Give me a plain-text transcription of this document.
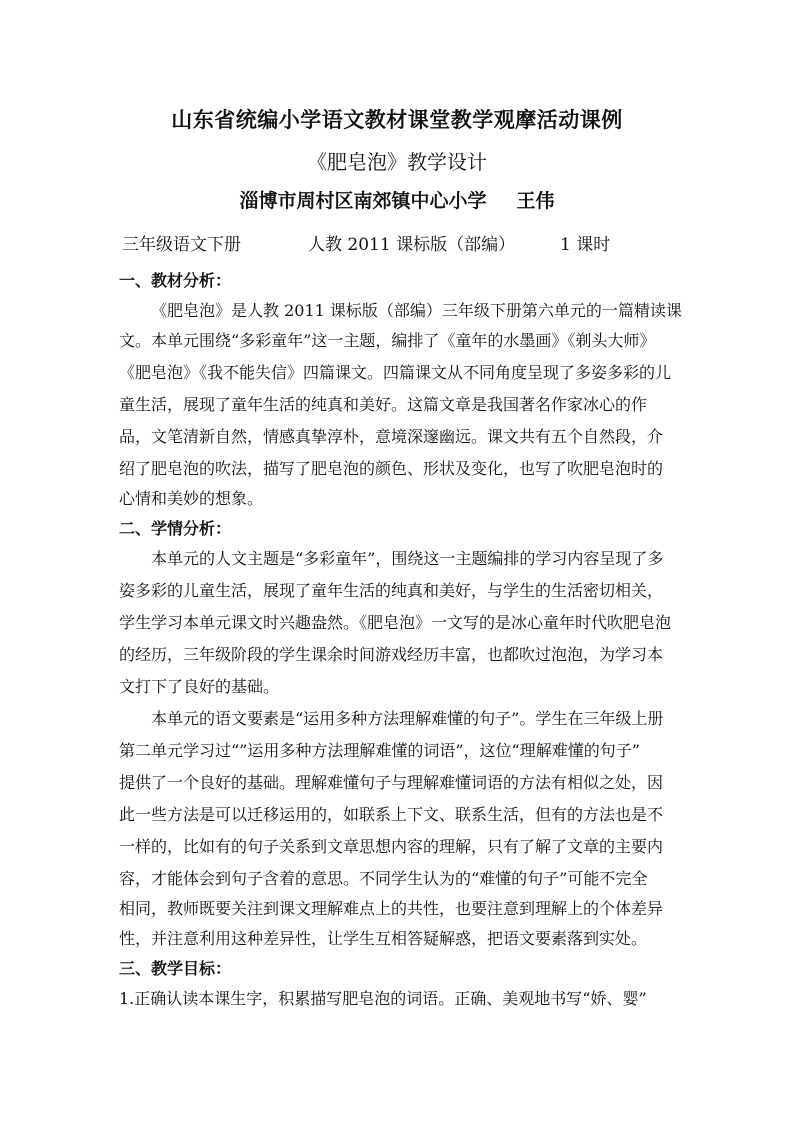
山东省统编小学语文教材课堂教学观摩活动课例
《肥皂泡》教学设计
淄博市周村区南郊镇中心小学 王伟
三年级语文下册	人教 2011 课标版（部编）	1 课时
一、教材分析：
《肥皂泡》是人教 2011 课标版（部编）三年级下册第六单元的一篇精读课
文。本单元围绕“多彩童年”这一主题，编排了《童年的水墨画》《剃头大师》
《肥皂泡》《我不能失信》四篇课文。四篇课文从不同角度呈现了多姿多彩的儿
童生活，展现了童年生活的纯真和美好。这篇文章是我国著名作家冰心的作
品，文笔清新自然，情感真挚淳朴，意境深邃幽远。课文共有五个自然段，介
绍了肥皂泡的吹法，描写了肥皂泡的颜色、形状及变化，也写了吹肥皂泡时的
心情和美妙的想象。
二、学情分析：
本单元的人文主题是“多彩童年”，围绕这一主题编排的学习内容呈现了多
姿多彩的儿童生活，展现了童年生活的纯真和美好，与学生的生活密切相关，
学生学习本单元课文时兴趣盎然。《肥皂泡》一文写的是冰心童年时代吹肥皂泡
的经历，三年级阶段的学生课余时间游戏经历丰富，也都吹过泡泡，为学习本
文打下了良好的基础。
本单元的语文要素是“运用多种方法理解难懂的句子”。学生在三年级上册
第二单元学习过“”运用多种方法理解难懂的词语”，这位“理解难懂的句子”
提供了一个良好的基础。理解难懂句子与理解难懂词语的方法有相似之处，因
此一些方法是可以迁移运用的，如联系上下文、联系生活，但有的方法也是不
一样的，比如有的句子关系到文章思想内容的理解，只有了解了文章的主要内
容，才能体会到句子含着的意思。不同学生认为的“难懂的句子”可能不完全
相同，教师既要关注到课文理解难点上的共性，也要注意到理解上的个体差异
性，并注意利用这种差异性，让学生互相答疑解惑，把语文要素落到实处。
三、教学目标：
1.正确认读本课生字，积累描写肥皂泡的词语。正确、美观地书写“娇、婴”
